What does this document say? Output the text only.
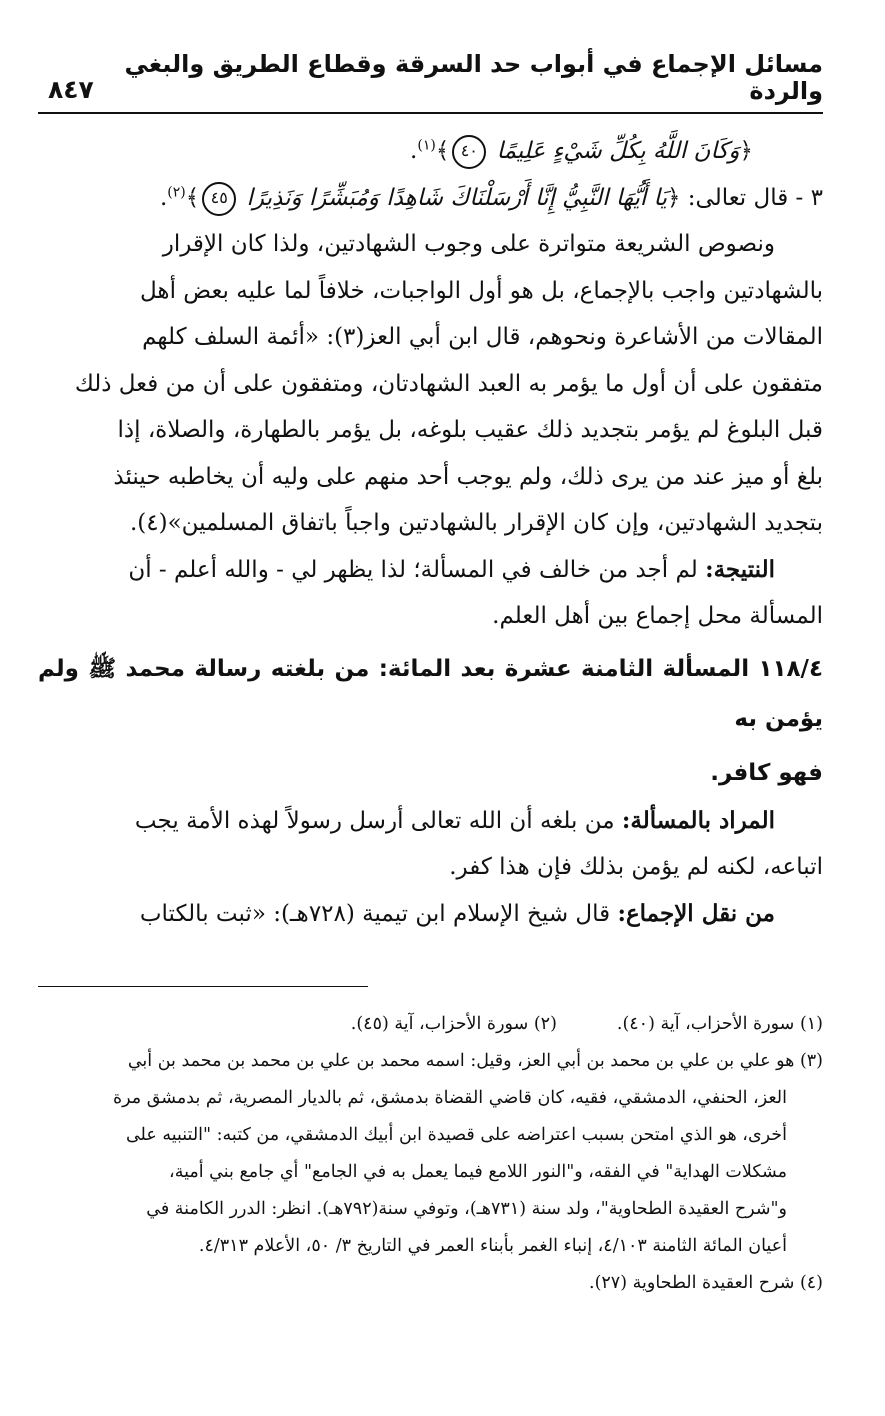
مسائل الإجماع في أبواب حد السرقة وقطاع الطريق والبغي والردة
٨٤٧

﴿وَكَانَ اللَّهُ بِكُلِّ شَيْءٍ عَلِيمًا ٤٠﴾$^{(١)}$.

٣ - قال تعالى: ﴿يَا أَيُّهَا النَّبِيُّ إِنَّا أَرْسَلْنَاكَ شَاهِدًا وَمُبَشِّرًا وَنَذِيرًا ٤٥﴾$^{(٢)}$.

ونصوص الشريعة متواترة على وجوب الشهادتين، ولذا كان الإقرار

بالشهادتين واجب بالإجماع، بل هو أول الواجبات، خلافاً لما عليه بعض أهل

المقالات من الأشاعرة ونحوهم، قال ابن أبي العز(٣): «أئمة السلف كلهم

متفقون على أن أول ما يؤمر به العبد الشهادتان، ومتفقون على أن من فعل ذلك

قبل البلوغ لم يؤمر بتجديد ذلك عقيب بلوغه، بل يؤمر بالطهارة، والصلاة، إذا

بلغ أو ميز عند من يرى ذلك، ولم يوجب أحد منهم على وليه أن يخاطبه حينئذ

بتجديد الشهادتين، وإن كان الإقرار بالشهادتين واجباً باتفاق المسلمين»(٤).

النتيجة: لم أجد من خالف في المسألة؛ لذا يظهر لي - والله أعلم - أن

المسألة محل إجماع بين أهل العلم.

١١٨/٤ المسألة الثامنة عشرة بعد المائة: من بلغته رسالة محمد ﷺ ولم يؤمن به

فهو كافر.

المراد بالمسألة: من بلغه أن الله تعالى أرسل رسولاً لهذه الأمة يجب

اتباعه، لكنه لم يؤمن بذلك فإن هذا كفر.

من نقل الإجماع: قال شيخ الإسلام ابن تيمية (٧٢٨هـ): «ثبت بالكتاب

(١) سورة الأحزاب، آية (٤٠).
(٢) سورة الأحزاب، آية (٤٥).
(٣) هو علي بن علي بن محمد بن أبي العز، وقيل: اسمه محمد بن علي بن محمد بن محمد بن أبي
العز، الحنفي، الدمشقي، فقيه، كان قاضي القضاة بدمشق، ثم بالديار المصرية، ثم بدمشق مرة
أخرى، هو الذي امتحن بسبب اعتراضه على قصيدة ابن أبيك الدمشقي، من كتبه: "التنبيه على
مشكلات الهداية" في الفقه، و"النور اللامع فيما يعمل به في الجامع" أي جامع بني أمية،
و"شرح العقيدة الطحاوية"، ولد سنة (٧٣١هـ)، وتوفي سنة(٧٩٢هـ). انظر: الدرر الكامنة في
أعيان المائة الثامنة ٤/١٠٣، إنباء الغمر بأبناء العمر في التاريخ ٣/ ٥٠، الأعلام ٤/٣١٣.
(٤) شرح العقيدة الطحاوية (٢٧).
